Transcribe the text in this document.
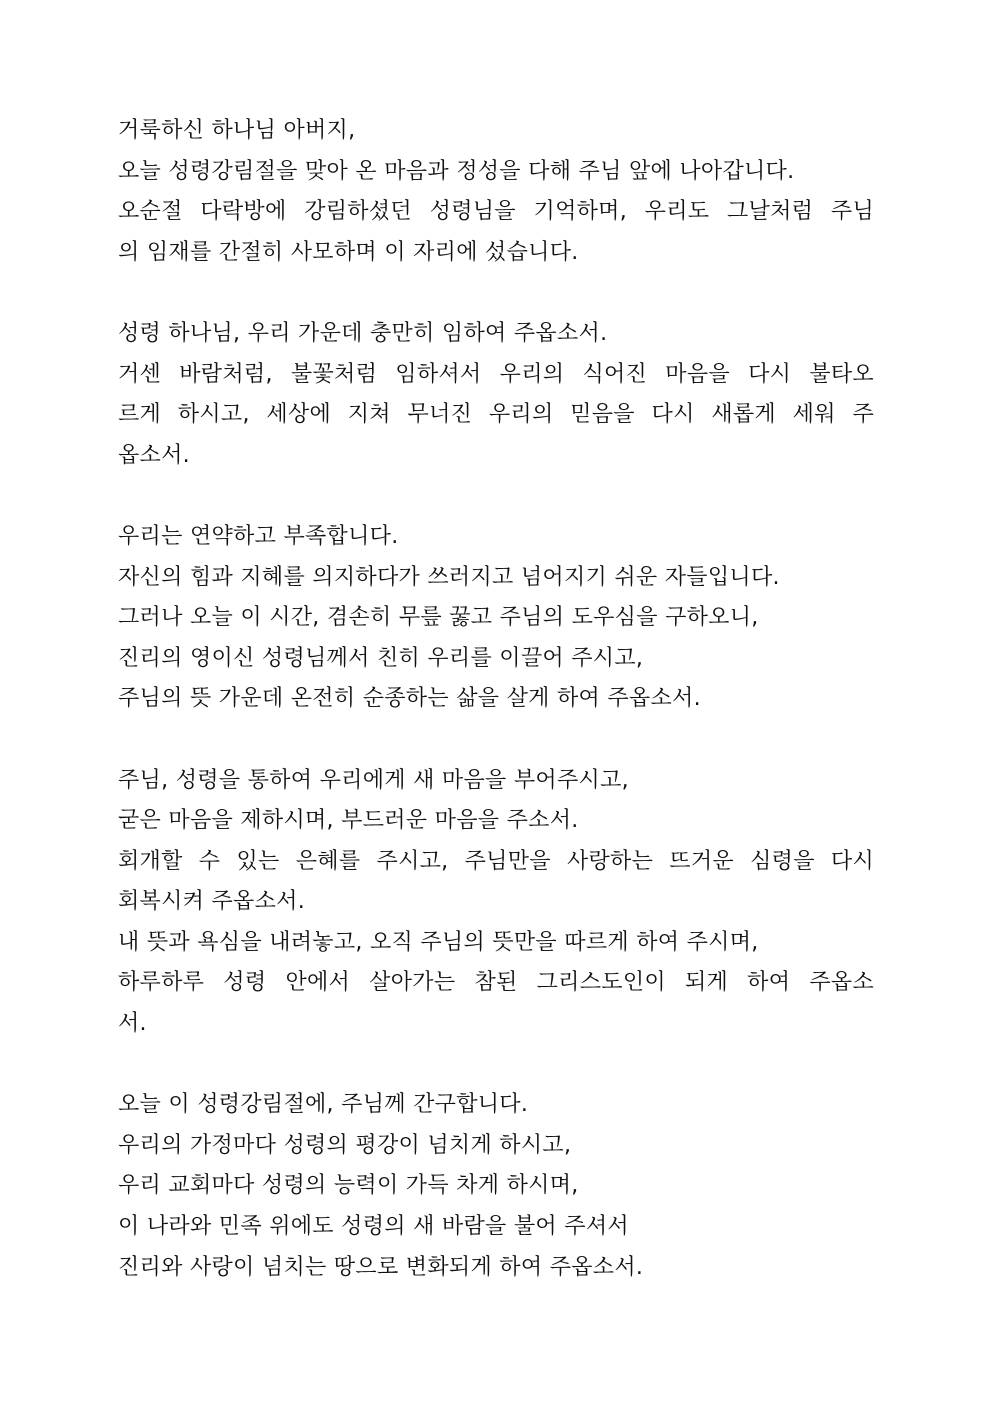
거룩하신 하나님 아버지,
오늘 성령강림절을 맞아 온 마음과 정성을 다해 주님 앞에 나아갑니다.
오순절 다락방에 강림하셨던 성령님을 기억하며, 우리도 그날처럼 주님
의 임재를 간절히 사모하며 이 자리에 섰습니다.
성령 하나님, 우리 가운데 충만히 임하여 주옵소서.
거센 바람처럼, 불꽃처럼 임하셔서 우리의 식어진 마음을 다시 불타오
르게 하시고, 세상에 지쳐 무너진 우리의 믿음을 다시 새롭게 세워 주
옵소서.
우리는 연약하고 부족합니다.
자신의 힘과 지혜를 의지하다가 쓰러지고 넘어지기 쉬운 자들입니다.
그러나 오늘 이 시간, 겸손히 무릎 꿇고 주님의 도우심을 구하오니,
진리의 영이신 성령님께서 친히 우리를 이끌어 주시고,
주님의 뜻 가운데 온전히 순종하는 삶을 살게 하여 주옵소서.
주님, 성령을 통하여 우리에게 새 마음을 부어주시고,
굳은 마음을 제하시며, 부드러운 마음을 주소서.
회개할 수 있는 은혜를 주시고, 주님만을 사랑하는 뜨거운 심령을 다시
회복시켜 주옵소서.
내 뜻과 욕심을 내려놓고, 오직 주님의 뜻만을 따르게 하여 주시며,
하루하루 성령 안에서 살아가는 참된 그리스도인이 되게 하여 주옵소
서.
오늘 이 성령강림절에, 주님께 간구합니다.
우리의 가정마다 성령의 평강이 넘치게 하시고,
우리 교회마다 성령의 능력이 가득 차게 하시며,
이 나라와 민족 위에도 성령의 새 바람을 불어 주셔서
진리와 사랑이 넘치는 땅으로 변화되게 하여 주옵소서.
